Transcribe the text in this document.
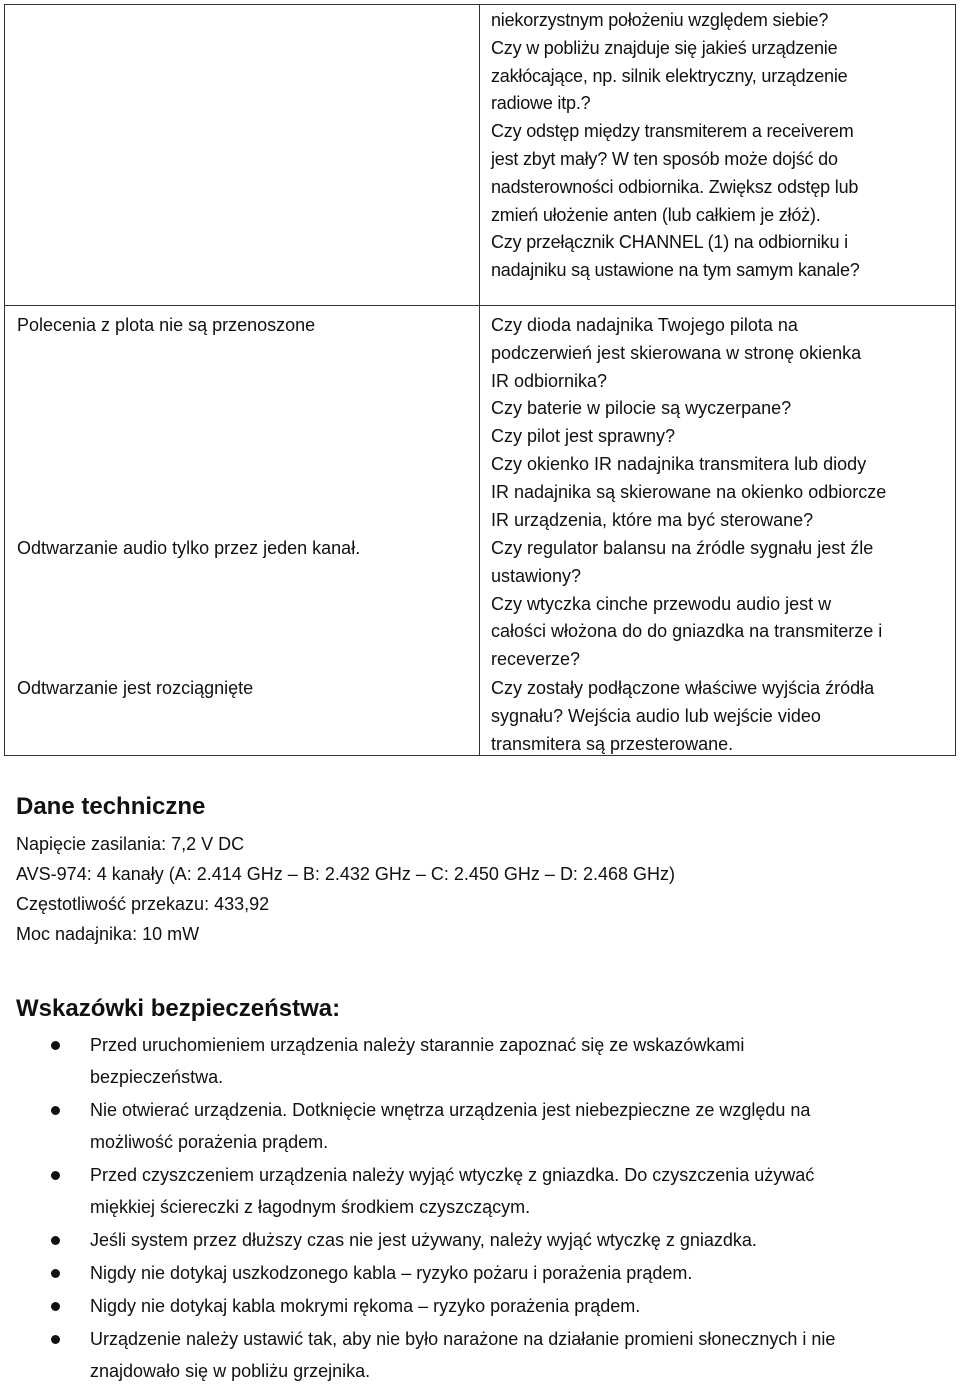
niekorzystnym położeniu względem siebie?
Czy w pobliżu znajduje się jakieś urządzenie
zakłócające, np. silnik elektryczny, urządzenie
radiowe itp.?
Czy odstęp między transmiterem a receiverem
jest zbyt mały? W ten sposób może dojść do
nadsterowności odbiornika. Zwiększ odstęp lub
zmień ułożenie anten (lub całkiem je złóż).
Czy przełącznik CHANNEL (1) na odbiorniku i
nadajniku są ustawione na tym samym kanale?
Polecenia z plota nie są przenoszone	Czy dioda nadajnika Twojego pilota na
podczerwień jest skierowana w stronę okienka
IR odbiornika?
Czy baterie w pilocie są wyczerpane?
Czy pilot jest sprawny?
Czy okienko IR nadajnika transmitera lub diody
IR nadajnika są skierowane na okienko odbiorcze
IR urządzenia, które ma być sterowane?
Odtwarzanie audio tylko przez jeden kanał.	Czy regulator balansu na źródle sygnału jest źle
ustawiony?
Czy wtyczka cinche przewodu audio jest w
całości włożona do do gniazdka na transmiterze i
receverze?
Odtwarzanie jest rozciągnięte	Czy zostały podłączone właściwe wyjścia źródła
sygnału? Wejścia audio lub wejście video
transmitera są przesterowane.
Dane techniczne
Napięcie zasilania: 7,2 V DC
AVS-974: 4 kanały (A: 2.414 GHz – B: 2.432 GHz – C: 2.450 GHz – D: 2.468 GHz)
Częstotliwość przekazu: 433,92
Moc nadajnika: 10 mW
Wskazówki bezpieczeństwa:
Przed uruchomieniem urządzenia należy starannie zapoznać się ze wskazówkami
bezpieczeństwa.
Nie otwierać urządzenia. Dotknięcie wnętrza urządzenia jest niebezpieczne ze względu na
możliwość porażenia prądem.
Przed czyszczeniem urządzenia należy wyjąć wtyczkę z gniazdka. Do czyszczenia używać
miękkiej ściereczki z łagodnym środkiem czyszczącym.
Jeśli system przez dłuższy czas nie jest używany, należy wyjąć wtyczkę z gniazdka.
Nigdy nie dotykaj uszkodzonego kabla – ryzyko pożaru i porażenia prądem.
Nigdy nie dotykaj kabla mokrymi rękoma – ryzyko porażenia prądem.
Urządzenie należy ustawić tak, aby nie było narażone na działanie promieni słonecznych i nie
znajdowało się w pobliżu grzejnika.
